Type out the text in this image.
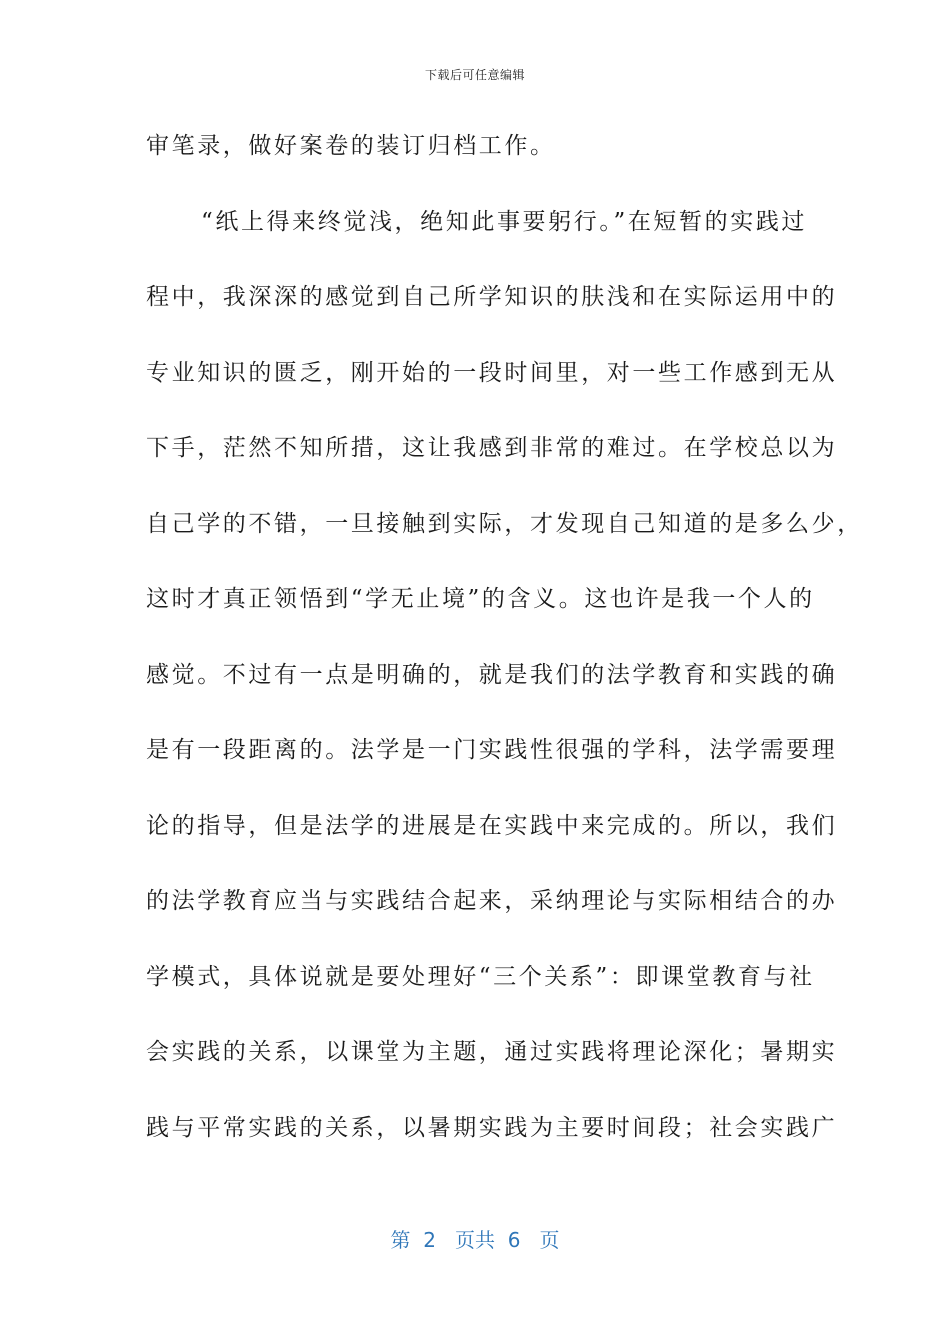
下载后可任意编辑
审笔录，做好案卷的装订归档工作。
“纸上得来终觉浅，绝知此事要躬行。”在短暂的实践过
程中，我深深的感觉到自己所学知识的肤浅和在实际运用中的
专业知识的匮乏，刚开始的一段时间里，对一些工作感到无从
下手，茫然不知所措，这让我感到非常的难过。在学校总以为
自己学的不错，一旦接触到实际，才发现自己知道的是多么少，
这时才真正领悟到“学无止境”的含义。这也许是我一个人的
感觉。不过有一点是明确的，就是我们的法学教育和实践的确
是有一段距离的。法学是一门实践性很强的学科，法学需要理
论的指导，但是法学的进展是在实践中来完成的。所以，我们
的法学教育应当与实践结合起来，采纳理论与实际相结合的办
学模式，具体说就是要处理好“三个关系”：即课堂教育与社
会实践的关系，以课堂为主题，通过实践将理论深化；暑期实
践与平常实践的关系，以暑期实践为主要时间段；社会实践广
第  2   页共  6   页
